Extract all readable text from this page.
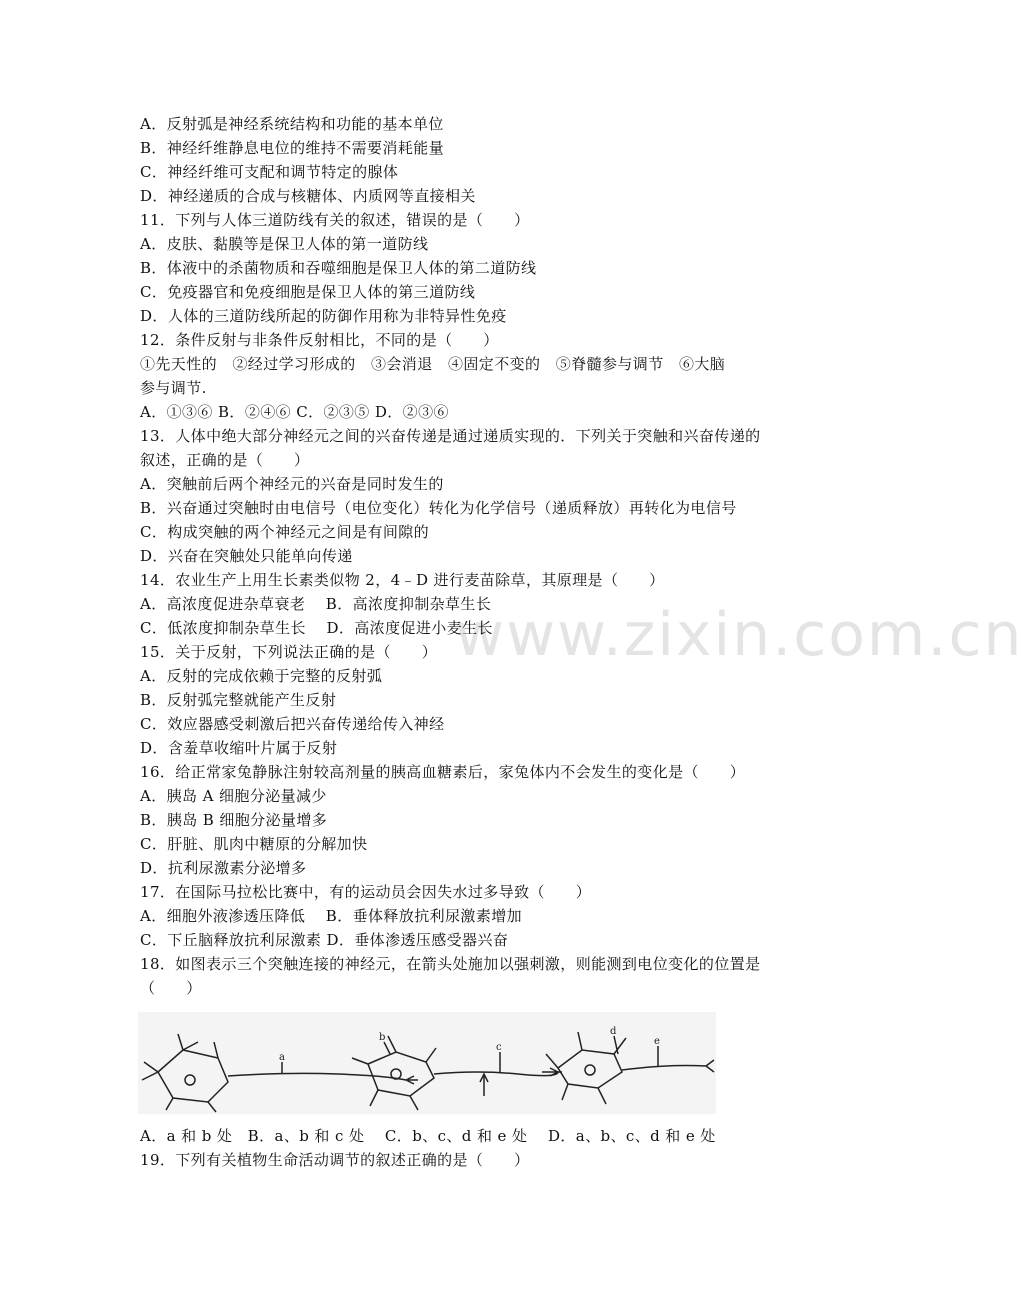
www.zixin.com.cn
A．反射弧是神经系统结构和功能的基本单位
B．神经纤维静息电位的维持不需要消耗能量
C．神经纤维可支配和调节特定的腺体
D．神经递质的合成与核糖体、内质网等直接相关
11．下列与人体三道防线有关的叙述，错误的是（　　）
A．皮肤、黏膜等是保卫人体的第一道防线
B．体液中的杀菌物质和吞噬细胞是保卫人体的第二道防线
C．免疫器官和免疫细胞是保卫人体的第三道防线
D．人体的三道防线所起的防御作用称为非特异性免疫
12．条件反射与非条件反射相比，不同的是（　　）
①先天性的　②经过学习形成的　③会消退　④固定不变的　⑤脊髓参与调节　⑥大脑
参与调节.
A．①③⑥ B．②④⑥ C．②③⑤ D．②③⑥
13．人体中绝大部分神经元之间的兴奋传递是通过递质实现的．下列关于突触和兴奋传递的
叙述，正确的是（　　）
A．突触前后两个神经元的兴奋是同时发生的
B．兴奋通过突触时由电信号（电位变化）转化为化学信号（递质释放）再转化为电信号
C．构成突触的两个神经元之间是有间隙的
D．兴奋在突触处只能单向传递
14．农业生产上用生长素类似物 2，4﹣D 进行麦苗除草，其原理是（　　）
A．高浓度促进杂草衰老　 B．高浓度抑制杂草生长
C．低浓度抑制杂草生长　 D．高浓度促进小麦生长
15．关于反射，下列说法正确的是（　　）
A．反射的完成依赖于完整的反射弧
B．反射弧完整就能产生反射
C．效应器感受刺激后把兴奋传递给传入神经
D．含羞草收缩叶片属于反射
16．给正常家兔静脉注射较高剂量的胰高血糖素后，家兔体内不会发生的变化是（　　）
A．胰岛 A 细胞分泌量减少
B．胰岛 B 细胞分泌量增多
C．肝脏、肌肉中糖原的分解加快
D．抗利尿激素分泌增多
17．在国际马拉松比赛中，有的运动员会因失水过多导致（　　）
A．细胞外液渗透压降低　 B．垂体释放抗利尿激素增加
C．下丘脑释放抗利尿激素 D．垂体渗透压感受器兴奋
18．如图表示三个突触连接的神经元，在箭头处施加以强刺激，则能测到电位变化的位置是
（　　）
a
b
c
d
e
A．a 和 b 处　B．a、b 和 c 处　 C．b、c、d 和 e 处　 D．a、b、c、d 和 e 处
19．下列有关植物生命活动调节的叙述正确的是（　　）
